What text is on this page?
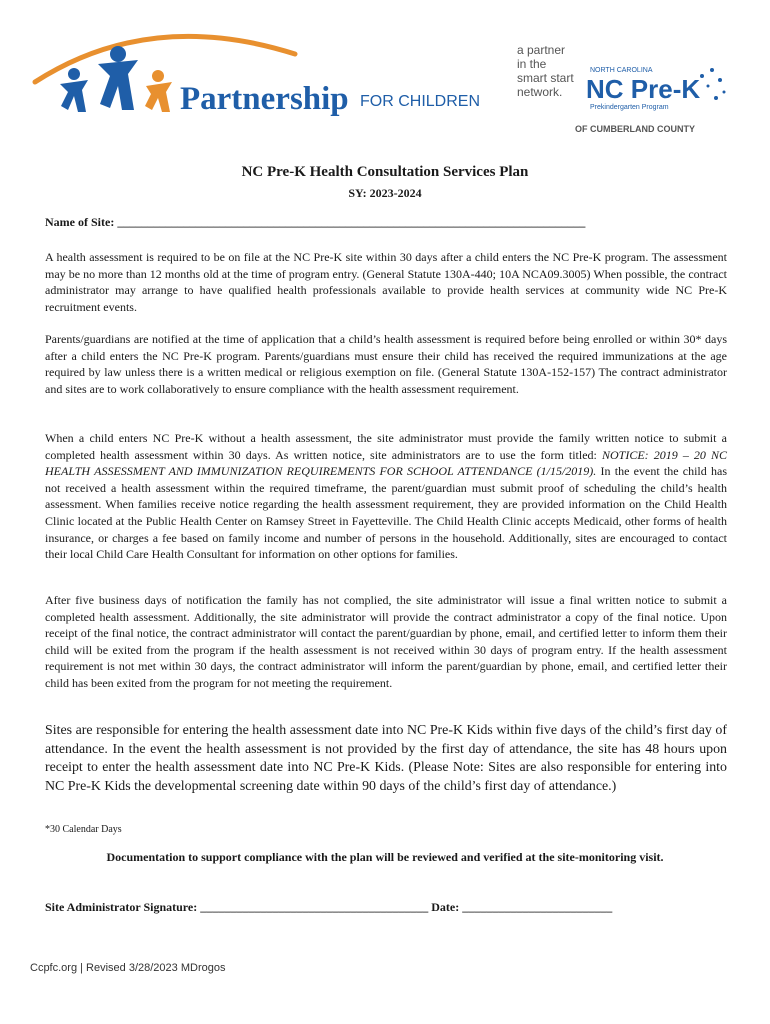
Partnership FOR CHILDREN
a partner
in the
smart start
network.
NORTH CAROLINA
NC Pre-K
Prekindergarten Program
OF CUMBERLAND COUNTY
NC Pre-K Health Consultation Services Plan
SY: 2023-2024
Name of Site: ______________________________________________________________________________

A health assessment is required to be on file at the NC Pre-K site within 30 days after a child enters the NC Pre-K program. The assessment may be no more than 12 months old at the time of program entry. (General Statute 130A-440; 10A NCA09.3005) When possible, the contract administrator may arrange to have qualified health professionals available to provide health services at community wide NC Pre-K recruitment events.

Parents/guardians are notified at the time of application that a child’s health assessment is required before being enrolled or within 30* days after a child enters the NC Pre-K program. Parents/guardians must ensure their child has received the required immunizations at the age required by law unless there is a written medical or religious exemption on file. (General Statute 130A-152-157) The contract administrator and sites are to work collaboratively to ensure compliance with the health assessment requirement.

When a child enters NC Pre-K without a health assessment, the site administrator must provide the family written notice to submit a completed health assessment within 30 days. As written notice, site administrators are to use the form titled: NOTICE: 2019 – 20 NC HEALTH ASSESSMENT AND IMMUNIZATION REQUIREMENTS FOR SCHOOL ATTENDANCE (1/15/2019). In the event the child has not received a health assessment within the required timeframe, the parent/guardian must submit proof of scheduling the child’s health assessment. When families receive notice regarding the health assessment requirement, they are provided information on the Child Health Clinic located at the Public Health Center on Ramsey Street in Fayetteville. The Child Health Clinic accepts Medicaid, other forms of health insurance, or charges a fee based on family income and number of persons in the household. Additionally, sites are encouraged to contact their local Child Care Health Consultant for information on other options for families.

After five business days of notification the family has not complied, the site administrator will issue a final written notice to submit a completed health assessment. Additionally, the site administrator will provide the contract administrator a copy of the final notice. Upon receipt of the final notice, the contract administrator will contact the parent/guardian by phone, email, and certified letter to inform them their child will be exited from the program if the health assessment is not received within 30 days of program entry. If the health assessment requirement is not met within 30 days, the contract administrator will inform the parent/guardian by phone, email, and certified letter their child has been exited from the program for not meeting the requirement.

Sites are responsible for entering the health assessment date into NC Pre-K Kids within five days of the child’s first day of attendance. In the event the health assessment is not provided by the first day of attendance, the site has 48 hours upon receipt to enter the health assessment date into NC Pre-K Kids. (Please Note: Sites are also responsible for entering into NC Pre-K Kids the developmental screening date within 90 days of the child’s first day of attendance.)

*30 Calendar Days
Documentation to support compliance with the plan will be reviewed and verified at the site-monitoring visit.
Site Administrator Signature: ______________________________________ Date: _________________________
Ccpfc.org | Revised 3/28/2023 MDrogos
